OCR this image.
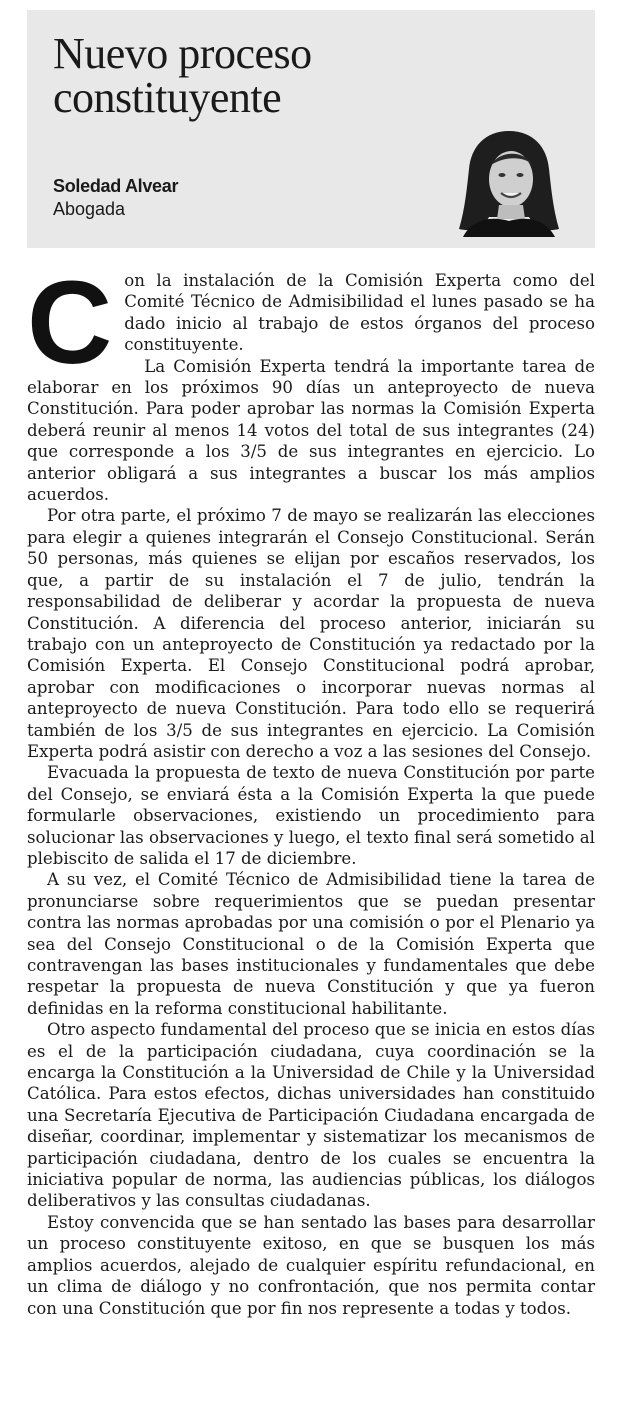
Nuevo proceso
constituyente
Soledad Alvear
Abogada

Con la instalación de la Comisión Experta como del Comité Técnico de Admisibilidad el lunes pasado se ha dado inicio al trabajo de estos órganos del proceso constituyente.

La Comisión Experta tendrá la importante tarea de elaborar en los próximos 90 días un anteproyecto de nueva Constitución. Para poder aprobar las normas la Comisión Experta deberá reunir al menos 14 votos del total de sus integrantes (24) que corresponde a los 3/5 de sus integrantes en ejercicio. Lo anterior obligará a sus integrantes a buscar los más amplios acuerdos.

Por otra parte, el próximo 7 de mayo se realizarán las elecciones para elegir a quienes integrarán el Consejo Constitucional. Serán 50 personas, más quienes se elijan por escaños reservados, los que, a partir de su instalación el 7 de julio, tendrán la responsabilidad de deliberar y acordar la propuesta de nueva Constitución. A diferencia del proceso anterior, iniciarán su trabajo con un anteproyecto de Constitución ya redactado por la Comisión Experta. El Consejo Constitucional podrá aprobar, aprobar con modificaciones o incorporar nuevas normas al anteproyecto de nueva Constitución. Para todo ello se requerirá también de los 3/5 de sus integrantes en ejercicio. La Comisión Experta podrá asistir con derecho a voz a las sesiones del Consejo.

Evacuada la propuesta de texto de nueva Constitución por parte del Consejo, se enviará ésta a la Comisión Experta la que puede formularle observaciones, existiendo un procedimiento para solucionar las observaciones y luego, el texto final será sometido al plebiscito de salida el 17 de diciembre.

A su vez, el Comité Técnico de Admisibilidad tiene la tarea de pronunciarse sobre requerimientos que se puedan presentar contra las normas aprobadas por una comisión o por el Plenario ya sea del Consejo Constitucional o de la Comisión Experta que contravengan las bases institucionales y fundamentales que debe respetar la propuesta de nueva Constitución y que ya fueron definidas en la reforma constitucional habilitante.

Otro aspecto fundamental del proceso que se inicia en estos días es el de la participación ciudadana, cuya coordinación se la encarga la Constitución a la Universidad de Chile y la Universidad Católica. Para estos efectos, dichas universidades han constituido una Secretaría Ejecutiva de Participación Ciudadana encargada de diseñar, coordinar, implementar y sistematizar los mecanismos de participación ciudadana, dentro de los cuales se encuentra la iniciativa popular de norma, las audiencias públicas, los diálogos deliberativos y las consultas ciudadanas.

Estoy convencida que se han sentado las bases para desarrollar un proceso constituyente exitoso, en que se busquen los más amplios acuerdos, alejado de cualquier espíritu refundacional, en un clima de diálogo y no confrontación, que nos permita contar con una Constitución que por fin nos represente a todas y todos.
